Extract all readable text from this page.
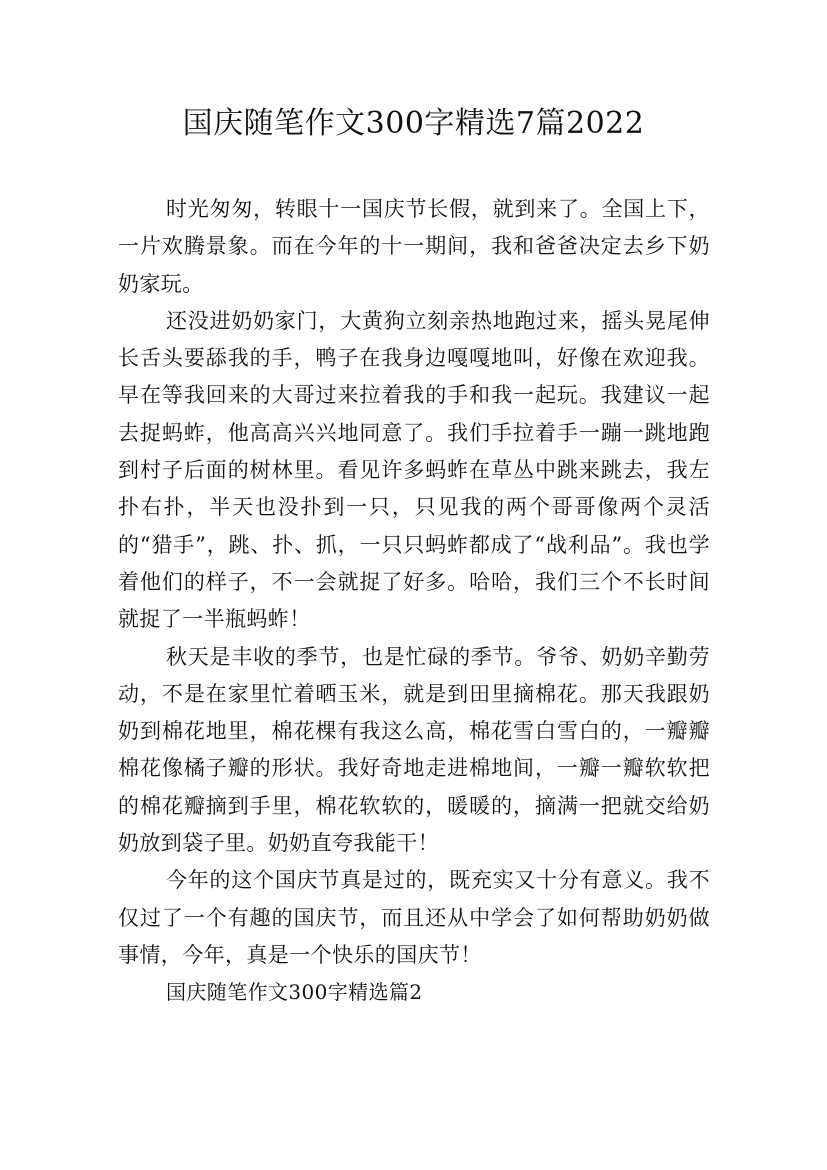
国庆随笔作文300字精选7篇2022

时光匆匆，转眼十一国庆节长假，就到来了。全国上下，一片欢腾景象。而在今年的十一期间，我和爸爸决定去乡下奶奶家玩。

还没进奶奶家门，大黄狗立刻亲热地跑过来，摇头晃尾伸长舌头要舔我的手，鸭子在我身边嘎嘎地叫，好像在欢迎我。早在等我回来的大哥过来拉着我的手和我一起玩。我建议一起去捉蚂蚱，他高高兴兴地同意了。我们手拉着手一蹦一跳地跑到村子后面的树林里。看见许多蚂蚱在草丛中跳来跳去，我左扑右扑，半天也没扑到一只，只见我的两个哥哥像两个灵活的“猎手”，跳、扑、抓，一只只蚂蚱都成了“战利品”。我也学着他们的样子，不一会就捉了好多。哈哈，我们三个不长时间就捉了一半瓶蚂蚱！

秋天是丰收的季节，也是忙碌的季节。爷爷、奶奶辛勤劳动，不是在家里忙着晒玉米，就是到田里摘棉花。那天我跟奶奶到棉花地里，棉花棵有我这么高，棉花雪白雪白的，一瓣瓣棉花像橘子瓣的形状。我好奇地走进棉地间，一瓣一瓣软软把的棉花瓣摘到手里，棉花软软的，暖暖的，摘满一把就交给奶奶放到袋子里。奶奶直夸我能干！

今年的这个国庆节真是过的，既充实又十分有意义。我不仅过了一个有趣的国庆节，而且还从中学会了如何帮助奶奶做事情，今年，真是一个快乐的国庆节！

国庆随笔作文300字精选篇2
